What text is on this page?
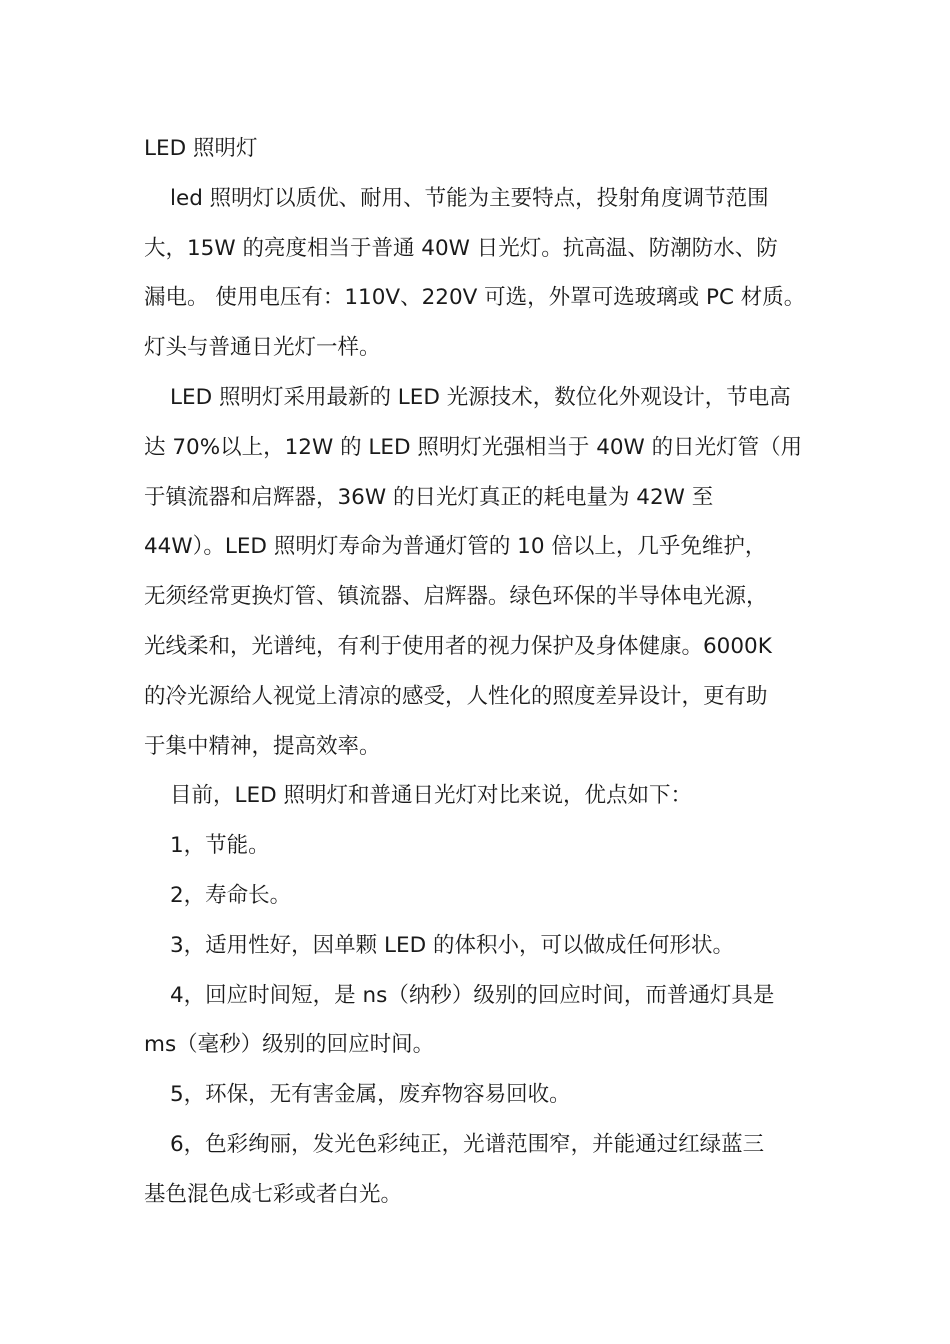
LED 照明灯
led 照明灯以质优、耐用、节能为主要特点，投射角度调节范围
大，15W 的亮度相当于普通 40W 日光灯。抗高温、防潮防水、防
漏电。 使用电压有：110V、220V 可选，外罩可选玻璃或 PC 材质。
灯头与普通日光灯一样。
LED 照明灯采用最新的 LED 光源技术，数位化外观设计，节电高
达 70%以上，12W 的 LED 照明灯光强相当于 40W 的日光灯管（用
于镇流器和启辉器，36W 的日光灯真正的耗电量为 42W 至
44W）。LED 照明灯寿命为普通灯管的 10 倍以上，几乎免维护，
无须经常更换灯管、镇流器、启辉器。绿色环保的半导体电光源，
光线柔和，光谱纯，有利于使用者的视力保护及身体健康。6000K
的冷光源给人视觉上清凉的感受，人性化的照度差异设计，更有助
于集中精神，提高效率。
目前，LED 照明灯和普通日光灯对比来说，优点如下：
1，节能。
2，寿命长。
3，适用性好，因单颗 LED 的体积小，可以做成任何形状。
4，回应时间短，是 ns（纳秒）级别的回应时间，而普通灯具是
ms（毫秒）级别的回应时间。
5，环保，无有害金属，废弃物容易回收。
6，色彩绚丽，发光色彩纯正，光谱范围窄，并能通过红绿蓝三
基色混色成七彩或者白光。
